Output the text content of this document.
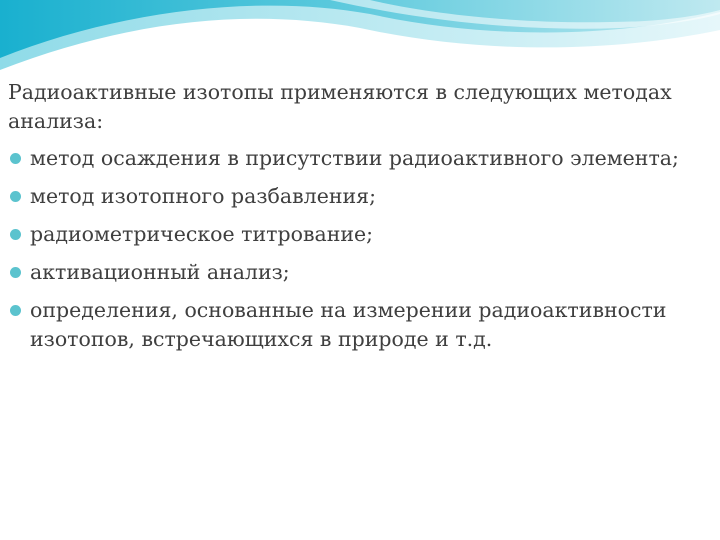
Радиоактивные изотопы применяются в следующих методах анализа:

метод осаждения в присутствии радиоактивного элемента;
метод изотопного разбавления;
радиометрическое титрование;
активационный анализ;
определения, основанные на измерении радиоактивности изотопов, встречающихся в природе и т.д.
